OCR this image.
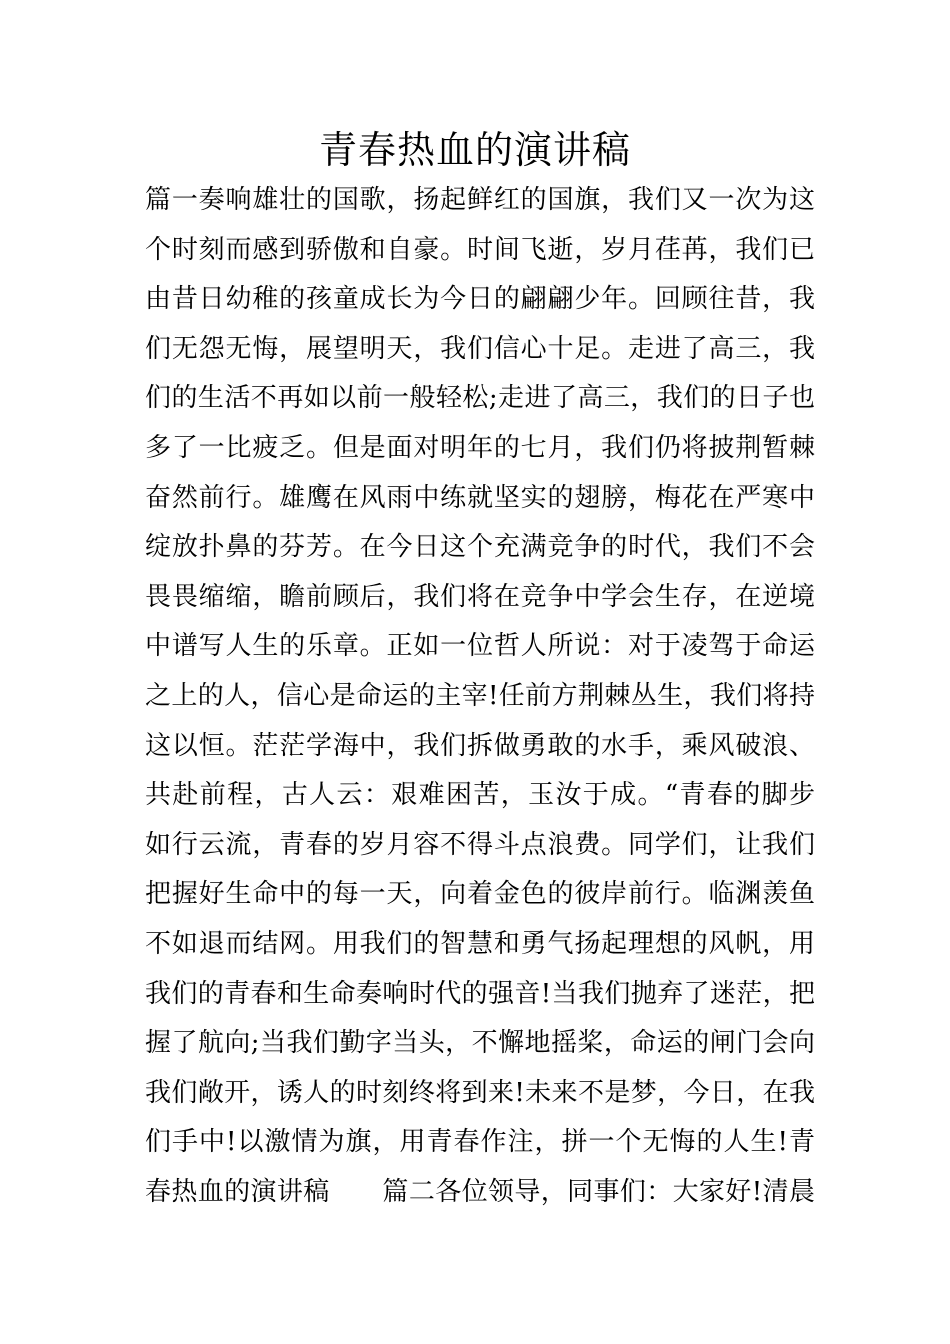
青春热血的演讲稿
篇一奏响雄壮的国歌，扬起鲜红的国旗，我们又一次为这
个时刻而感到骄傲和自豪。时间飞逝，岁月荏苒，我们已
由昔日幼稚的孩童成长为今日的翩翩少年。回顾往昔，我
们无怨无悔，展望明天，我们信心十足。走进了高三，我
们的生活不再如以前一般轻松;走进了高三，我们的日子也
多了一比疲乏。但是面对明年的七月，我们仍将披荆暂棘
奋然前行。雄鹰在风雨中练就坚实的翅膀，梅花在严寒中
绽放扑鼻的芬芳。在今日这个充满竞争的时代，我们不会
畏畏缩缩，瞻前顾后，我们将在竞争中学会生存，在逆境
中谱写人生的乐章。正如一位哲人所说：对于凌驾于命运
之上的人，信心是命运的主宰!任前方荆棘丛生，我们将持
这以恒。茫茫学海中，我们拆做勇敢的水手，乘风破浪、
共赴前程，古人云：艰难困苦，玉汝于成。“青春的脚步
如行云流，青春的岁月容不得斗点浪费。同学们，让我们
把握好生命中的每一天，向着金色的彼岸前行。临渊羡鱼
不如退而结网。用我们的智慧和勇气扬起理想的风帆，用
我们的青春和生命奏响时代的强音!当我们抛弃了迷茫，把
握了航向;当我们勤字当头，不懈地摇桨，命运的闸门会向
我们敞开，诱人的时刻终将到来!未来不是梦，今日，在我
们手中!以激情为旗，用青春作注，拼一个无悔的人生!青
春热血的演讲稿　　篇二各位领导，同事们：大家好!清晨
